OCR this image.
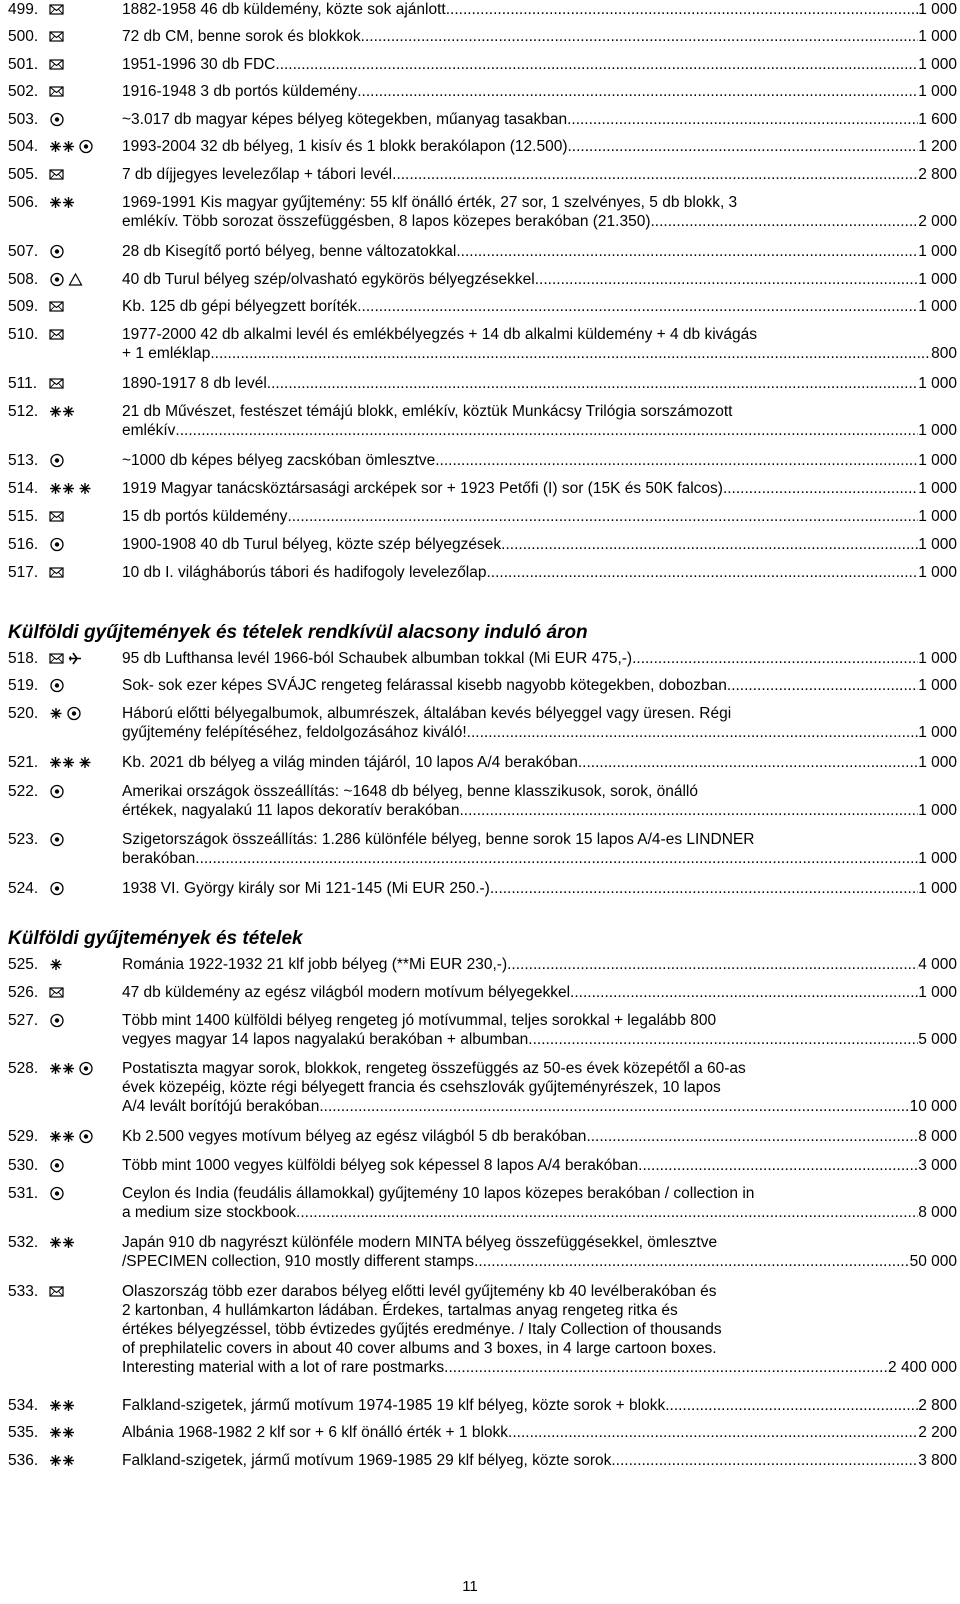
499.	1882-1958 46 db küldemény, közte sok ajánlott .....	1 000

500.	72 db CM, benne sorok és blokkok .....	1 000

501.	1951-1996 30 db FDC .....	1 000

502.	1916-1948 3 db portós küldemény .....	1 000

503.	~3.017 db magyar képes bélyeg kötegekben, műanyag tasakban .....	1 600

504.	1993-2004 32 db bélyeg, 1 kisív és 1 blokk berakólapon (12.500) .....	1 200

505.	7 db díjjegyes levelezőlap + tábori levél .....	2 800

506.	1969-1991 Kis magyar gyűjtemény: 55 klf önálló érték, 27 sor, 1 szelvényes, 5 db blokk, 3

emlékív. Több sorozat összefüggésben, 8 lapos közepes berakóban (21.350) .....	2 000

507.	28 db Kisegítő portó bélyeg, benne változatokkal .....	1 000

508.	40 db Turul bélyeg szép/olvasható egykörös bélyegzésekkel .....	1 000

509.	Kb. 125 db gépi bélyegzett boríték .....	1 000

510.	1977-2000 42 db alkalmi levél és emlékbélyegzés + 14 db alkalmi küldemény + 4 db kivágás

+ 1 emléklap .....	800

511.	1890-1917 8 db levél .....	1 000

512.	21 db Művészet, festészet témájú blokk, emlékív, köztük Munkácsy Trilógia sorszámozott

emlékív .....	1 000

513.	~1000 db képes bélyeg zacskóban ömlesztve .....	1 000

514.	1919 Magyar tanácsköztársasági arcképek sor + 1923 Petőfi (I) sor (15K és 50K falcos) .....	1 000

515.	15 db portós küldemény .....	1 000

516.	1900-1908 40 db Turul bélyeg, közte szép bélyegzések .....	1 000

517.	10 db I. világháborús tábori és hadifogoly levelezőlap .....	1 000

518.	95 db Lufthansa levél 1966-ból Schaubek albumban tokkal (Mi EUR 475,-) .....	1 000

519.	Sok- sok ezer képes SVÁJC rengeteg felárassal kisebb nagyobb kötegekben, dobozban .....	1 000

520.	Háború előtti bélyegalbumok, albumrészek, általában kevés bélyeggel vagy üresen. Régi

gyűjtemény felépítéséhez, feldolgozásához kiváló! .....	1 000

521.	Kb. 2021 db bélyeg a világ minden tájáról, 10 lapos A/4 berakóban .....	1 000

522.	Amerikai országok összeállítás: ~1648 db bélyeg, benne klasszikusok, sorok, önálló

értékek, nagyalakú 11 lapos dekoratív berakóban .....	1 000

523.	Szigetországok összeállítás: 1.286 különféle bélyeg, benne sorok 15 lapos A/4-es LINDNER

berakóban .....	1 000

524.	1938 VI. György király sor Mi 121-145 (Mi EUR 250.-) .....	1 000

525.	Románia 1922-1932 21 klf jobb bélyeg (**Mi EUR 230,-) .....	4 000

526.	47 db küldemény az egész világból modern motívum bélyegekkel .....	1 000

527.	Több mint 1400 külföldi bélyeg rengeteg jó motívummal, teljes sorokkal + legalább 800

vegyes magyar 14 lapos nagyalakú berakóban + albumban .....	5 000

528.	Postatiszta magyar sorok, blokkok, rengeteg összefüggés az 50-es évek közepétől a 60-as

évek közepéig, közte régi bélyegett francia és csehszlovák gyűjteményrészek, 10 lapos

A/4 levált borítójú berakóban .....	10 000

529.	Kb 2.500 vegyes motívum bélyeg az egész világból 5 db berakóban .....	8 000

530.	Több mint 1000 vegyes külföldi bélyeg sok képessel 8 lapos A/4 berakóban .....	3 000

531.	Ceylon és India (feudális államokkal) gyűjtemény 10 lapos közepes berakóban / collection in

a medium size stockbook .....	8 000

532.	Japán 910 db nagyrészt különféle modern MINTA bélyeg összefüggésekkel, ömlesztve

/SPECIMEN collection, 910 mostly different stamps .....	50 000

533.	Olaszország több ezer darabos bélyeg előtti levél gyűjtemény kb 40 levélberakóban és

2 kartonban, 4 hullámkarton ládában. Érdekes, tartalmas anyag rengeteg ritka és

értékes bélyegzéssel, több évtizedes gyűjtés eredménye. / Italy Collection of thousands

of prephilatelic covers in about 40 cover albums and 3 boxes, in 4 large cartoon boxes.

Interesting material with a lot of rare postmarks. .....	2 400 000

534.	Falkland-szigetek, jármű motívum 1974-1985 19 klf bélyeg, közte sorok + blokk .....	2 800

535.	Albánia 1968-1982 2 klf sor + 6 klf önálló érték + 1 blokk .....	2 200

536.	Falkland-szigetek, jármű motívum 1969-1985 29 klf bélyeg, közte sorok .....	3 800

Külföldi gyűjtemények és tételek rendkívül alacsony induló áron
Külföldi gyűjtemények és tételek
11
